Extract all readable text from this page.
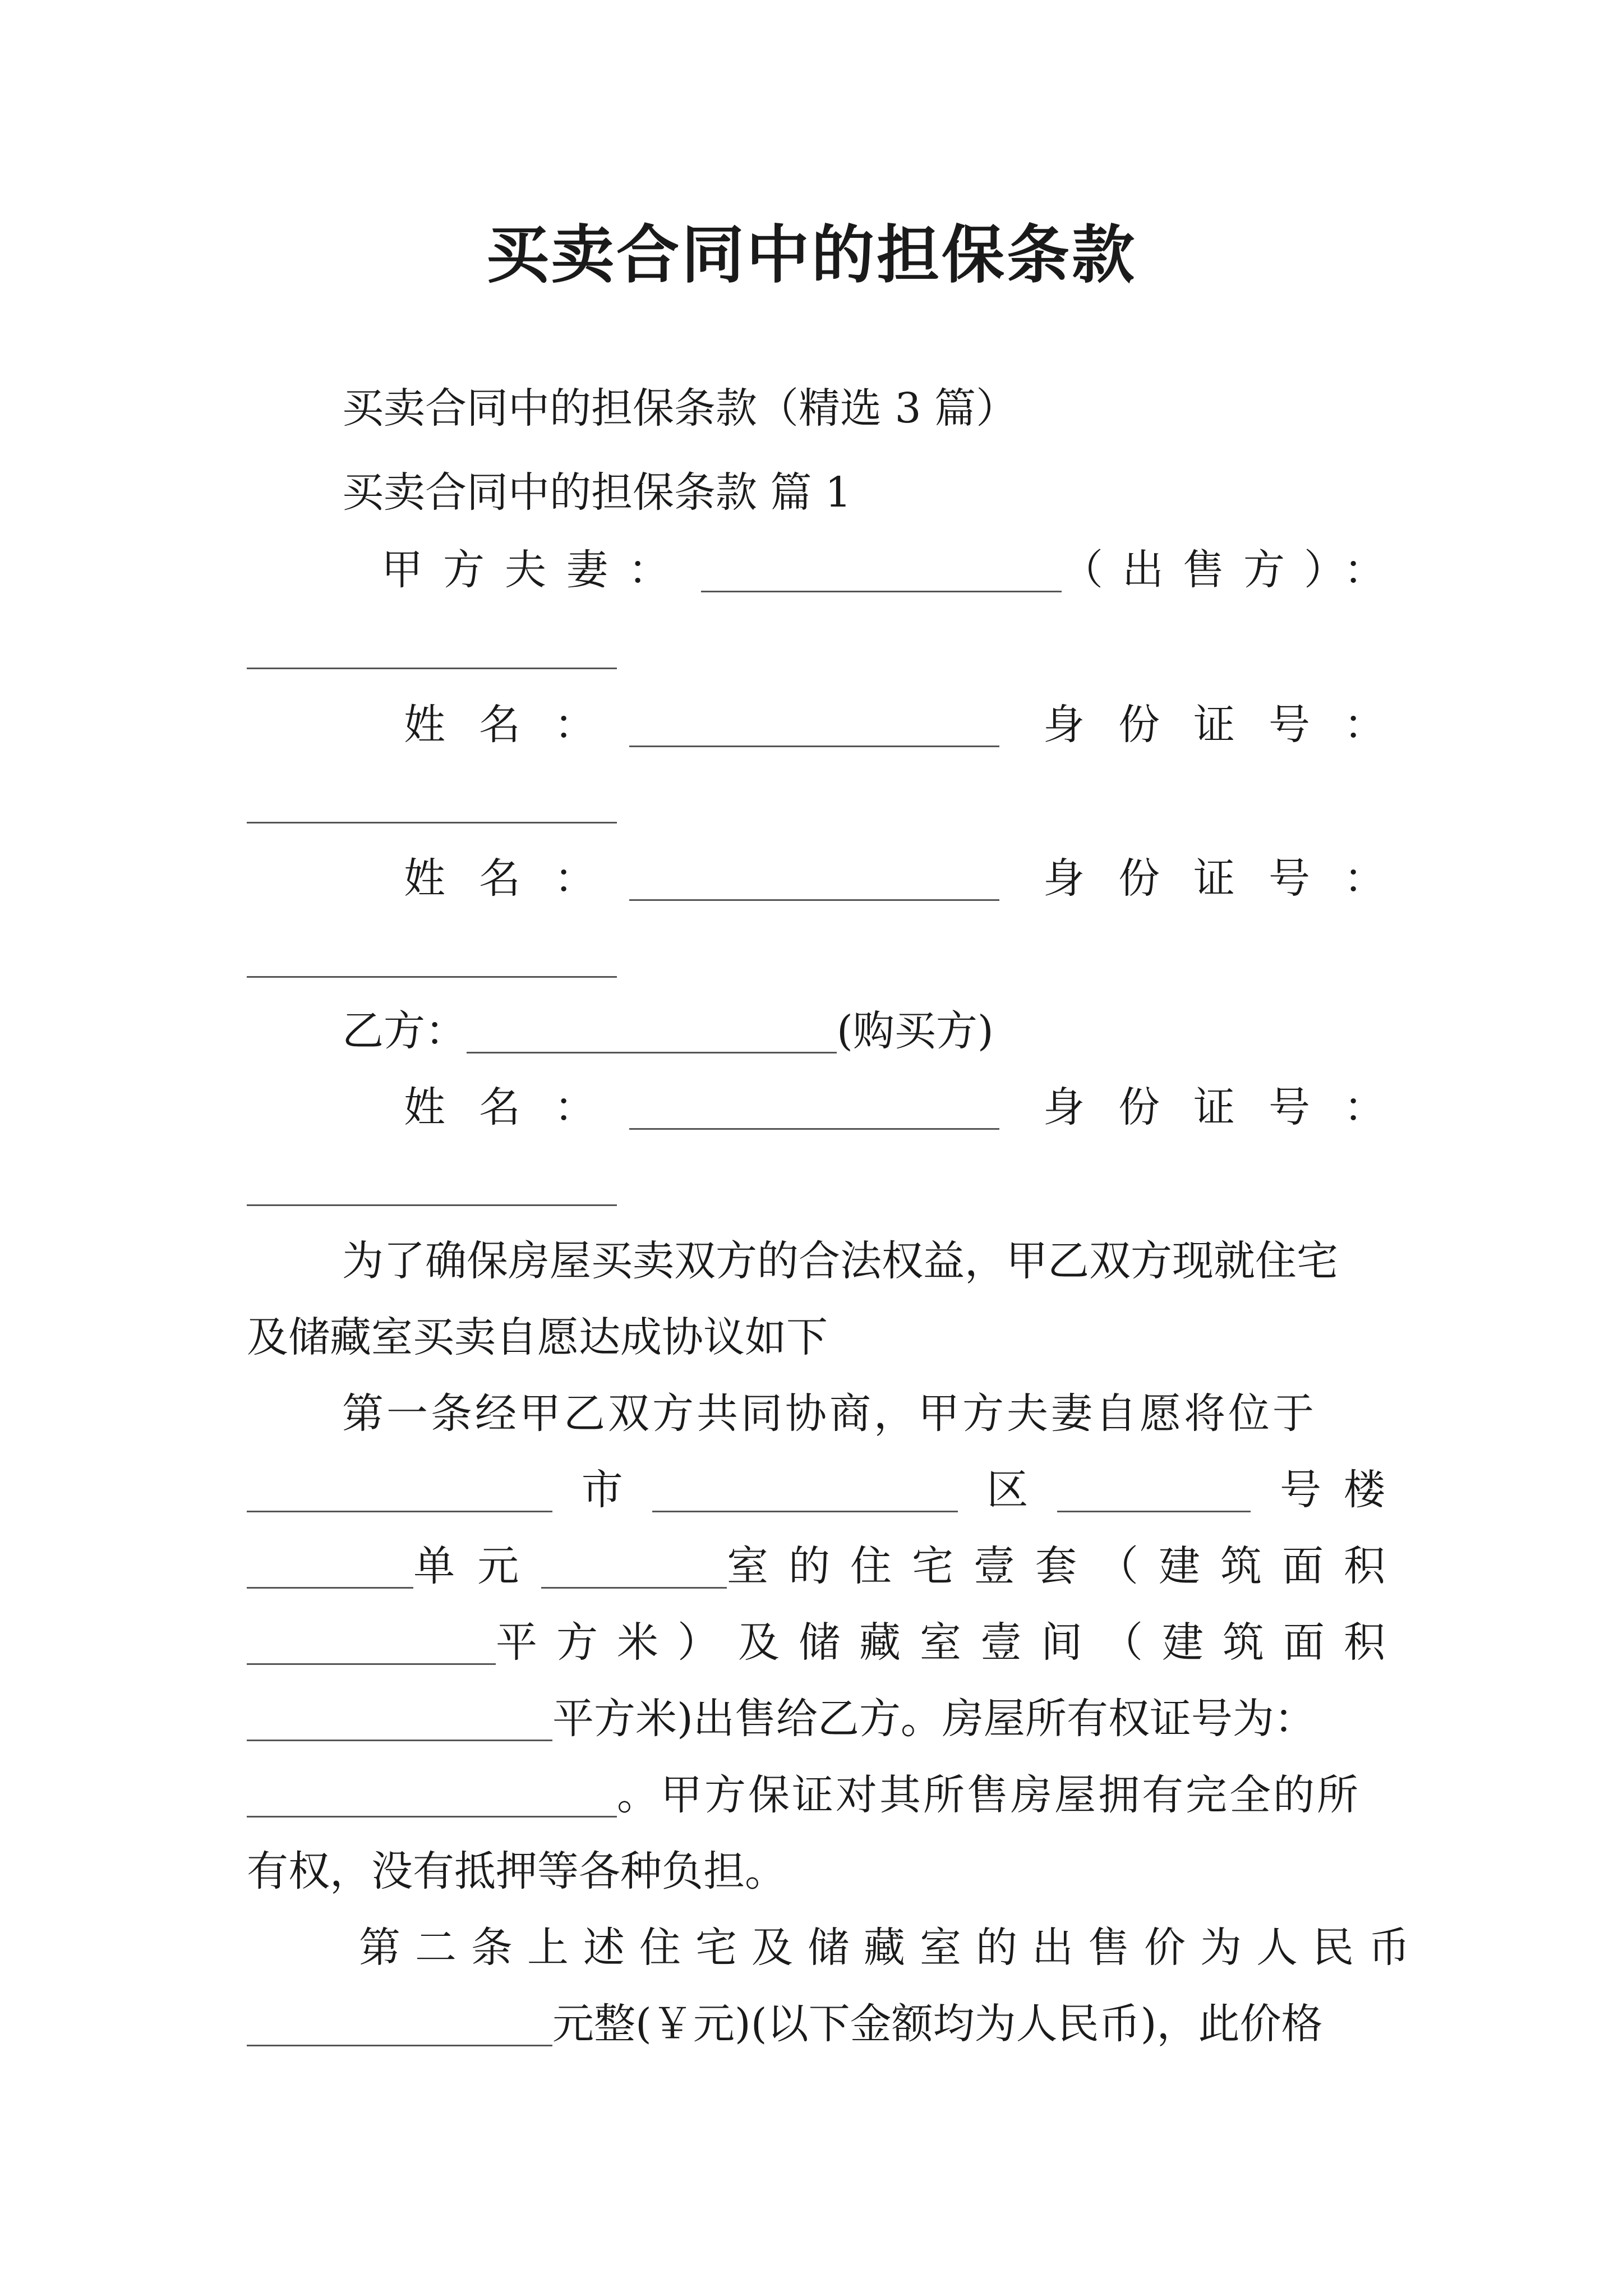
买卖合同中的担保条款
买卖合同中的担保条款（精选 3 篇）
买卖合同中的担保条款 篇 1
甲方夫妻：	（出售方）：
姓名：	身份证号：
姓名：	身份证号：
乙方：	(购买方)
姓名：	身份证号：
为了确保房屋买卖双方的合法权益，甲乙双方现就住宅
及储藏室买卖自愿达成协议如下
第一条经甲乙双方共同协商，甲方夫妻自愿将位于
市	区	号楼
单元	室的住宅壹套（建筑面积
平方米）及储藏室壹间（建筑面积
平方米)出售给乙方。房屋所有权证号为：
。甲方保证对其所售房屋拥有完全的所
有权，没有抵押等各种负担。
第二条上述住宅及储藏室的出售价为人民币
元整(￥元)(以下金额均为人民币)，此价格
